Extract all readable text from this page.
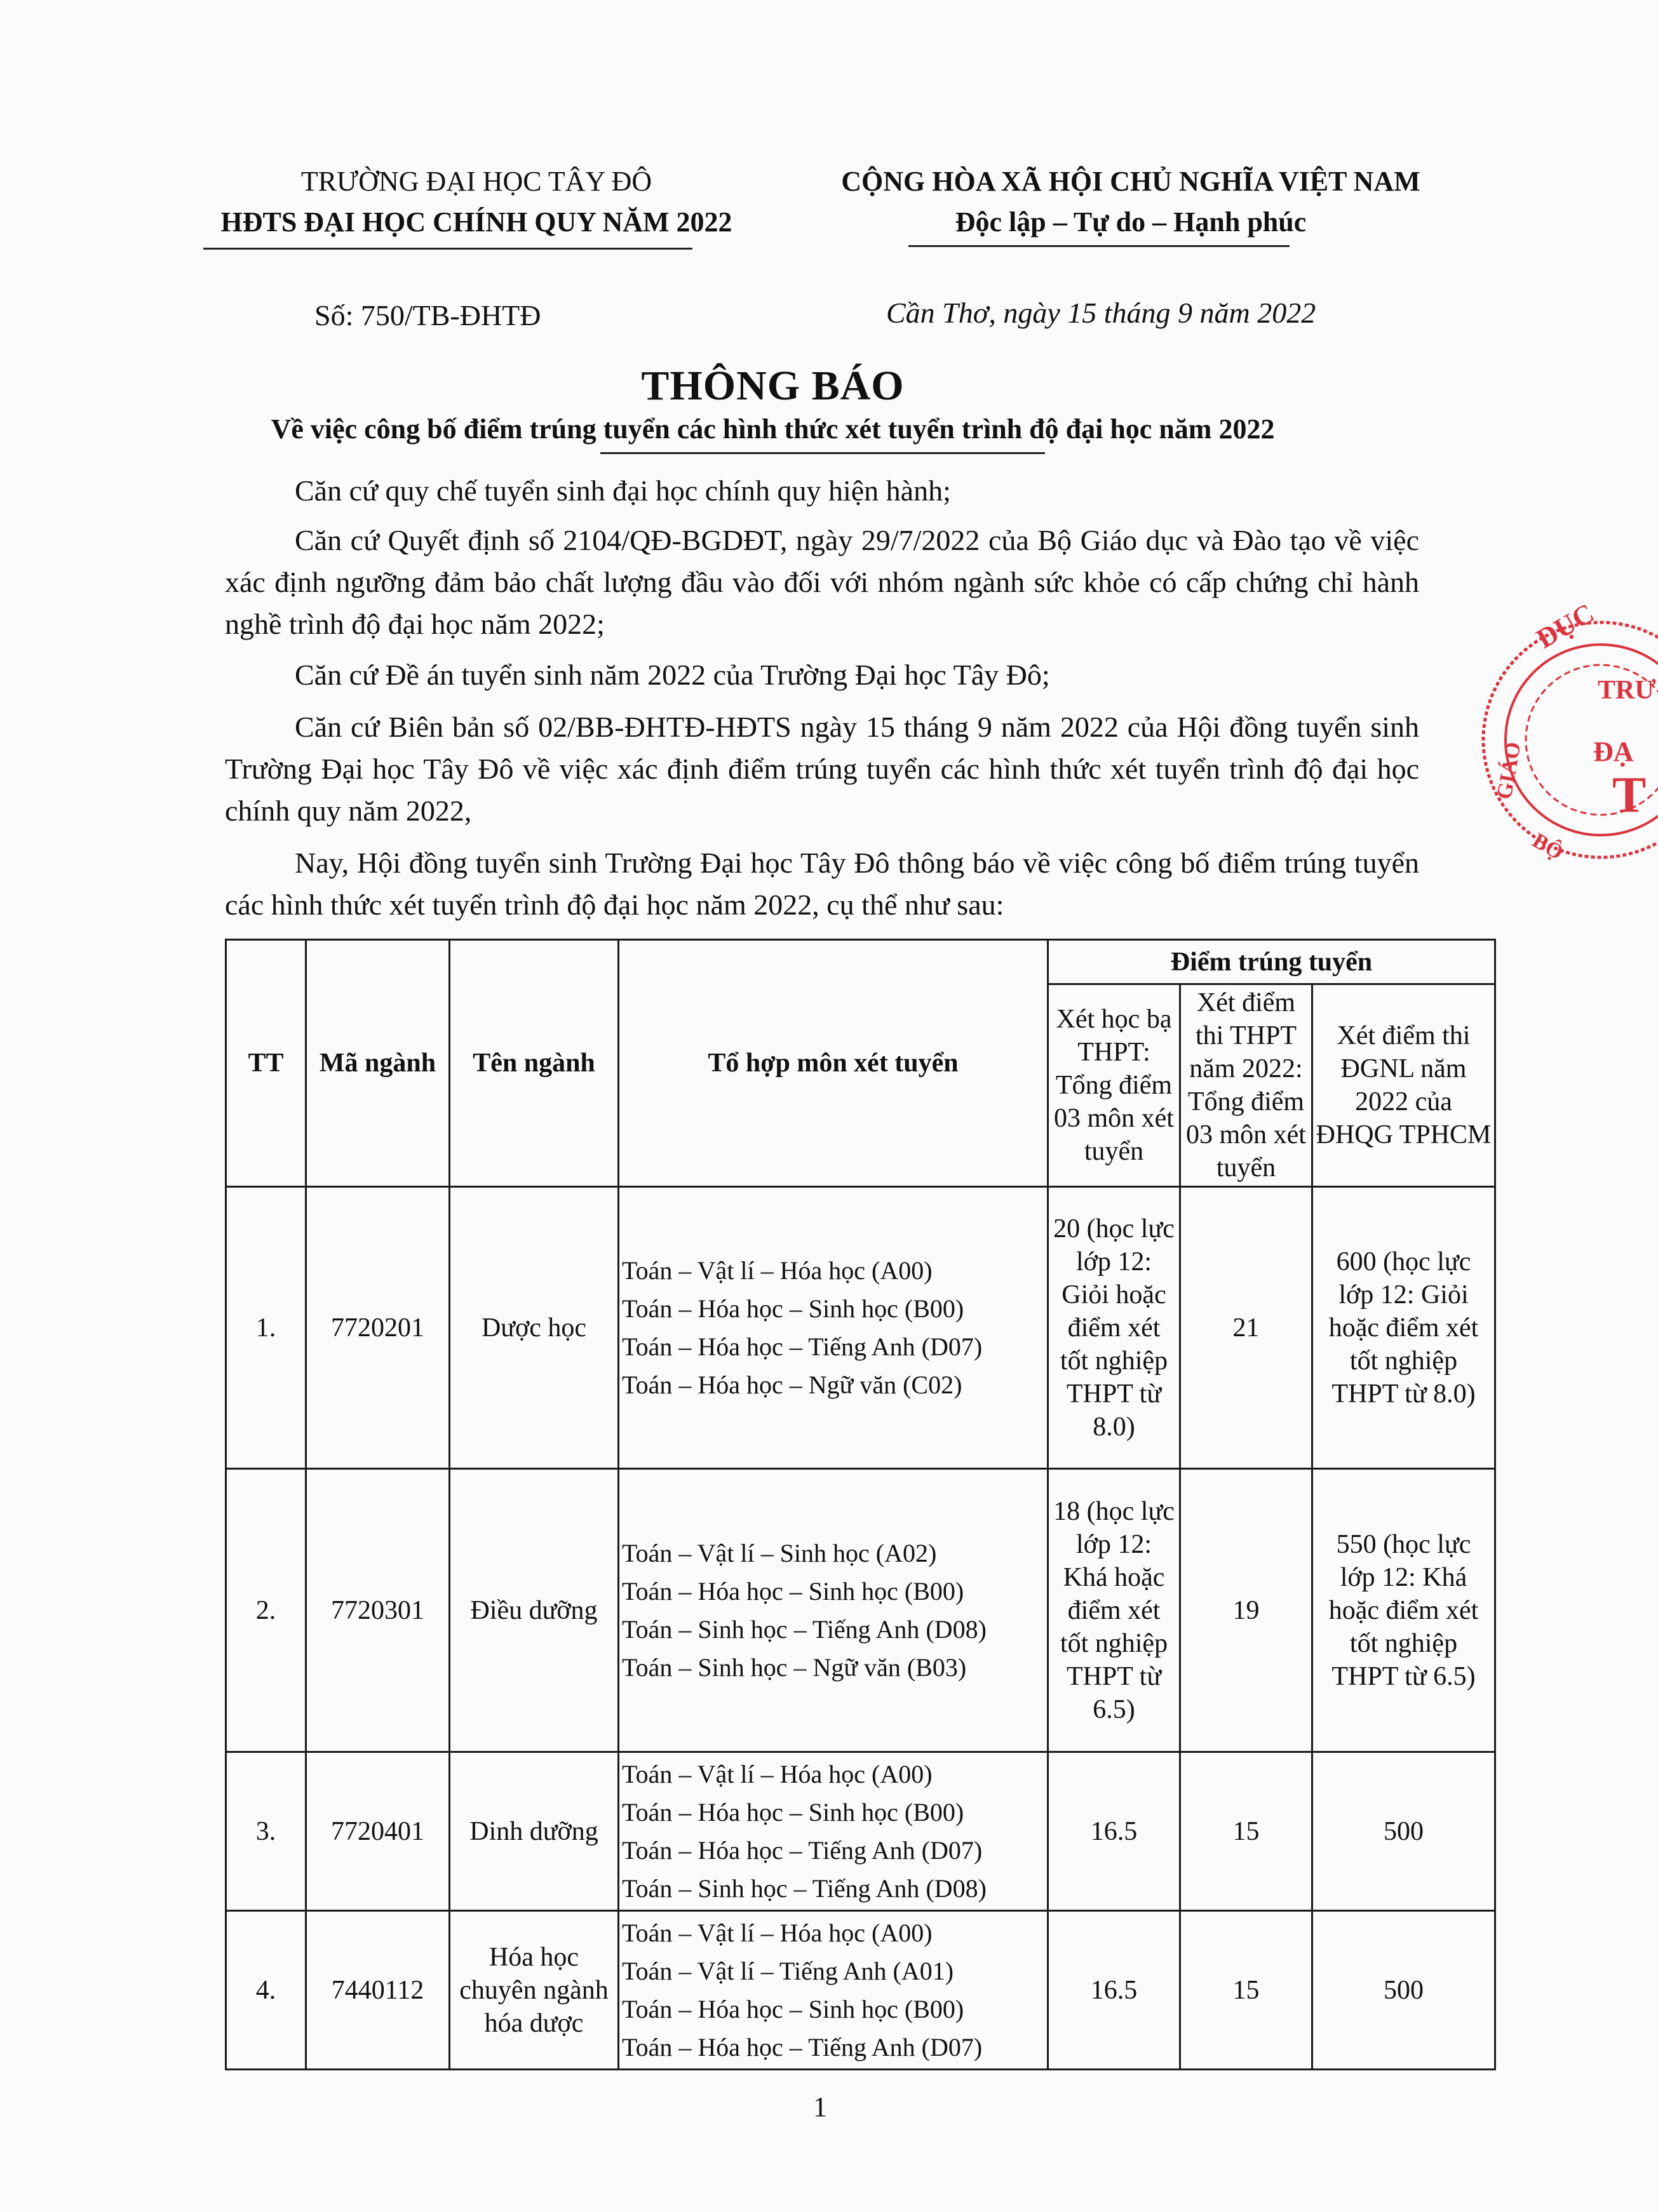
TRƯỜNG ĐẠI HỌC TÂY ĐÔ
HĐTS ĐẠI HỌC CHÍNH QUY NĂM 2022
CỘNG HÒA XÃ HỘI CHỦ NGHĨA VIỆT NAM
Độc lập – Tự do – Hạnh phúc
Số: 750/TB-ĐHTĐ	Cần Thơ, ngày 15 tháng 9 năm 2022
THÔNG BÁO
Về việc công bố điểm trúng tuyển các hình thức xét tuyển trình độ đại học năm 2022
Căn cứ quy chế tuyển sinh đại học chính quy hiện hành;
Căn cứ Quyết định số 2104/QĐ-BGDĐT, ngày 29/7/2022 của Bộ Giáo dục và Đào tạo về việc xác định ngưỡng đảm bảo chất lượng đầu vào đối với nhóm ngành sức khỏe có cấp chứng chỉ hành nghề trình độ đại học năm 2022;
Căn cứ Đề án tuyển sinh năm 2022 của Trường Đại học Tây Đô;
Căn cứ Biên bản số 02/BB-ĐHTĐ-HĐTS ngày 15 tháng 9 năm 2022 của Hội đồng tuyển sinh Trường Đại học Tây Đô về việc xác định điểm trúng tuyển các hình thức xét tuyển trình độ đại học chính quy năm 2022,
Nay, Hội đồng tuyển sinh Trường Đại học Tây Đô thông báo về việc công bố điểm trúng tuyển các hình thức xét tuyển trình độ đại học năm 2022, cụ thể như sau:
TT	Mã ngành	Tên ngành	Tổ hợp môn xét tuyển	Điểm trúng tuyển		
				Xét học bạ THPT: Tổng điểm 03 môn xét tuyển	Xét điểm thi THPT năm 2022: Tổng điểm 03 môn xét tuyển	Xét điểm thi ĐGNL năm 2022 của ĐHQG TPHCM
1.	7720201	Dược học	Toán – Vật lí – Hóa học (A00)
Toán – Hóa học – Sinh học (B00)
Toán – Hóa học – Tiếng Anh (D07)
Toán – Hóa học – Ngữ văn (C02)	20 (học lực lớp 12: Giỏi hoặc điểm xét tốt nghiệp THPT từ 8.0)	21	600 (học lực lớp 12: Giỏi hoặc điểm xét tốt nghiệp THPT từ 8.0)
2.	7720301	Điều dưỡng	Toán – Vật lí – Sinh học (A02)
Toán – Hóa học – Sinh học (B00)
Toán – Sinh học – Tiếng Anh (D08)
Toán – Sinh học – Ngữ văn (B03)	18 (học lực lớp 12: Khá hoặc điểm xét tốt nghiệp THPT từ 6.5)	19	550 (học lực lớp 12: Khá hoặc điểm xét tốt nghiệp THPT từ 6.5)
3.	7720401	Dinh dưỡng	Toán – Vật lí – Hóa học (A00)
Toán – Hóa học – Sinh học (B00)
Toán – Hóa học – Tiếng Anh (D07)
Toán – Sinh học – Tiếng Anh (D08)	16.5	15	500
4.	7440112	Hóa học chuyên ngành hóa dược	Toán – Vật lí – Hóa học (A00)
Toán – Vật lí – Tiếng Anh (A01)
Toán – Hóa học – Sinh học (B00)
Toán – Hóa học – Tiếng Anh (D07)	16.5	15	500
1
DỤC
TRƯ
ĐẠ
T
GIÁO
BỘ
